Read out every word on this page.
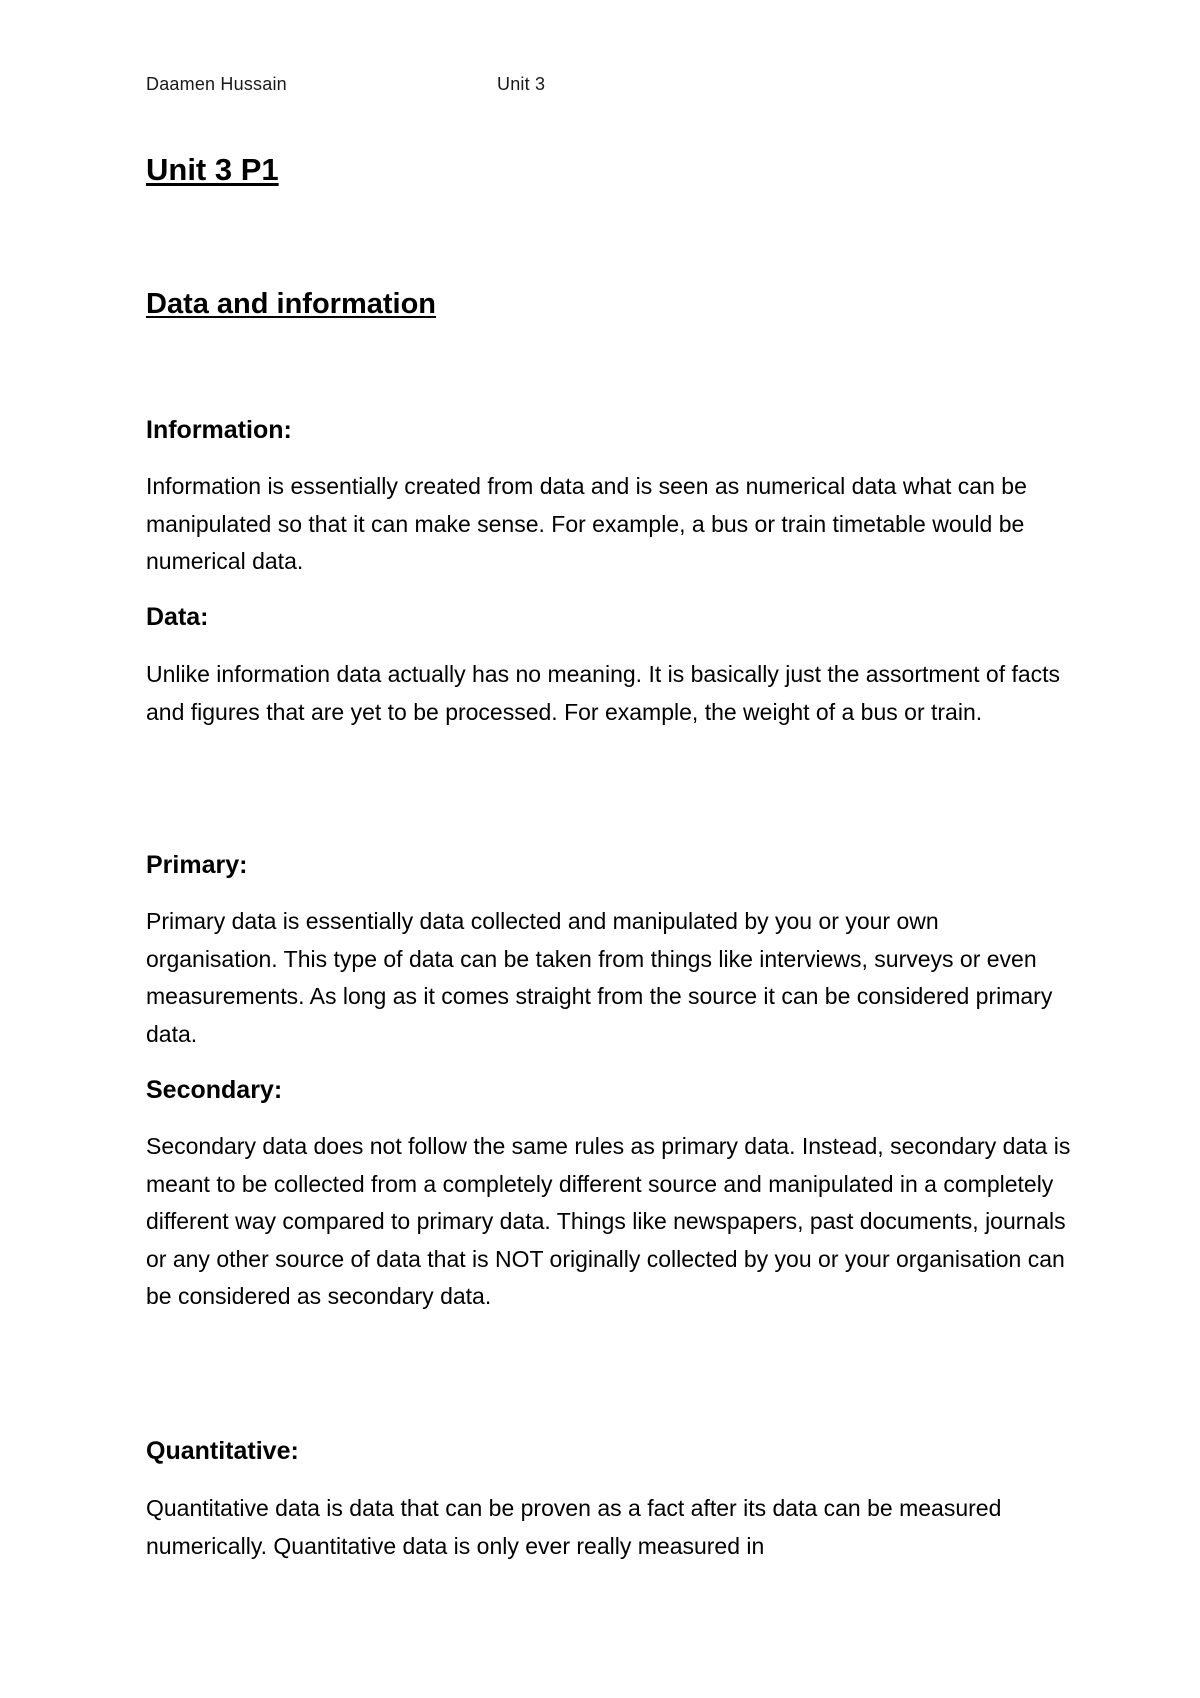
Daamen Hussain	Unit 3
Unit 3 P1
Data and information
Information:

Information is essentially created from data and is seen as numerical data what can be manipulated so that it can make sense. For example, a bus or train timetable would be numerical data.

Data:

Unlike information data actually has no meaning. It is basically just the assortment of facts and figures that are yet to be processed. For example, the weight of a bus or train.

Primary:

Primary data is essentially data collected and manipulated by you or your own organisation. This type of data can be taken from things like interviews, surveys or even measurements. As long as it comes straight from the source it can be considered primary data.

Secondary:

Secondary data does not follow the same rules as primary data. Instead, secondary data is meant to be collected from a completely different source and manipulated in a completely different way compared to primary data. Things like newspapers, past documents, journals or any other source of data that is NOT originally collected by you or your organisation can be considered as secondary data.

Quantitative:

Quantitative data is data that can be proven as a fact after its data can be measured numerically. Quantitative data is only ever really measured in
